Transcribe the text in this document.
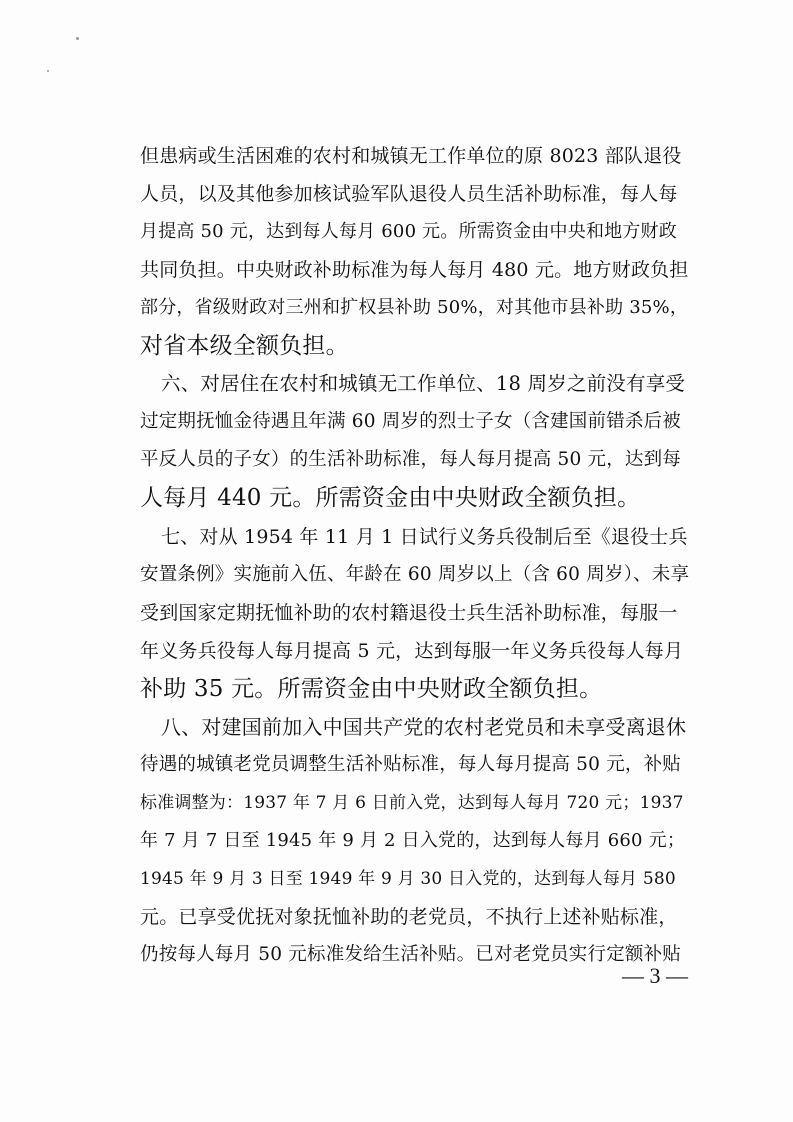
但患病或生活困难的农村和城镇无工作单位的原 8023 部队退役
人员，以及其他参加核试验军队退役人员生活补助标准，每人每
月提高 50 元，达到每人每月 600 元。所需资金由中央和地方财政
共同负担。中央财政补助标准为每人每月 480 元。地方财政负担
部分，省级财政对三州和扩权县补助 50%，对其他市县补助 35%，
对省本级全额负担。
六、对居住在农村和城镇无工作单位、18 周岁之前没有享受
过定期抚恤金待遇且年满 60 周岁的烈士子女（含建国前错杀后被
平反人员的子女）的生活补助标准，每人每月提高 50 元，达到每
人每月 440 元。所需资金由中央财政全额负担。
七、对从 1954 年 11 月 1 日试行义务兵役制后至《退役士兵
安置条例》实施前入伍、年龄在 60 周岁以上（含 60 周岁）、未享
受到国家定期抚恤补助的农村籍退役士兵生活补助标准，每服一
年义务兵役每人每月提高 5 元，达到每服一年义务兵役每人每月
补助 35 元。所需资金由中央财政全额负担。
八、对建国前加入中国共产党的农村老党员和未享受离退休
待遇的城镇老党员调整生活补贴标准，每人每月提高 50 元，补贴
标准调整为：1937 年 7 月 6 日前入党，达到每人每月 720 元；1937
年 7 月 7 日至 1945 年 9 月 2 日入党的，达到每人每月 660 元；
1945 年 9 月 3 日至 1949 年 9 月 30 日入党的，达到每人每月 580
元。已享受优抚对象抚恤补助的老党员，不执行上述补贴标准，
仍按每人每月 50 元标准发给生活补贴。已对老党员实行定额补贴
— 3 —
